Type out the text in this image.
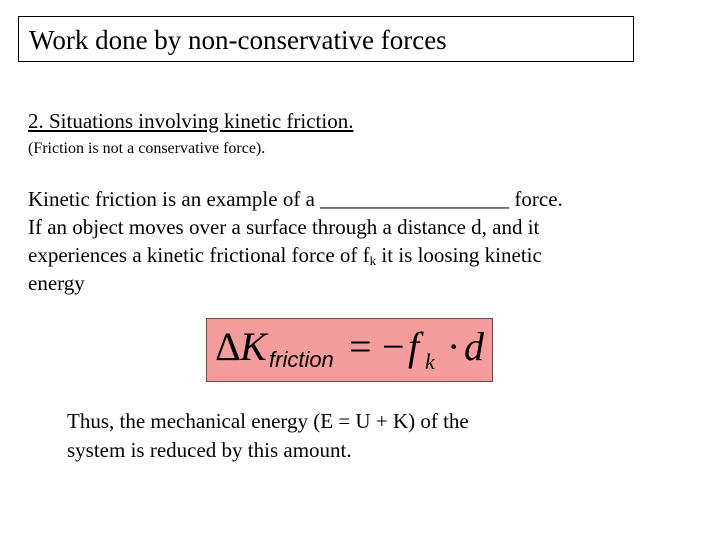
Work done by non-conservative forces
2. Situations involving kinetic friction.
(Friction is not a conservative force).
Kinetic friction is an example of a __________________ force.
If an object moves over a surface through a distance d, and it
experiences a kinetic frictional force of $f_k$ it is loosing kinetic
energy
Δ K friction = − f k · d
Thus, the mechanical energy (E = U + K) of the
system is reduced by this amount.
